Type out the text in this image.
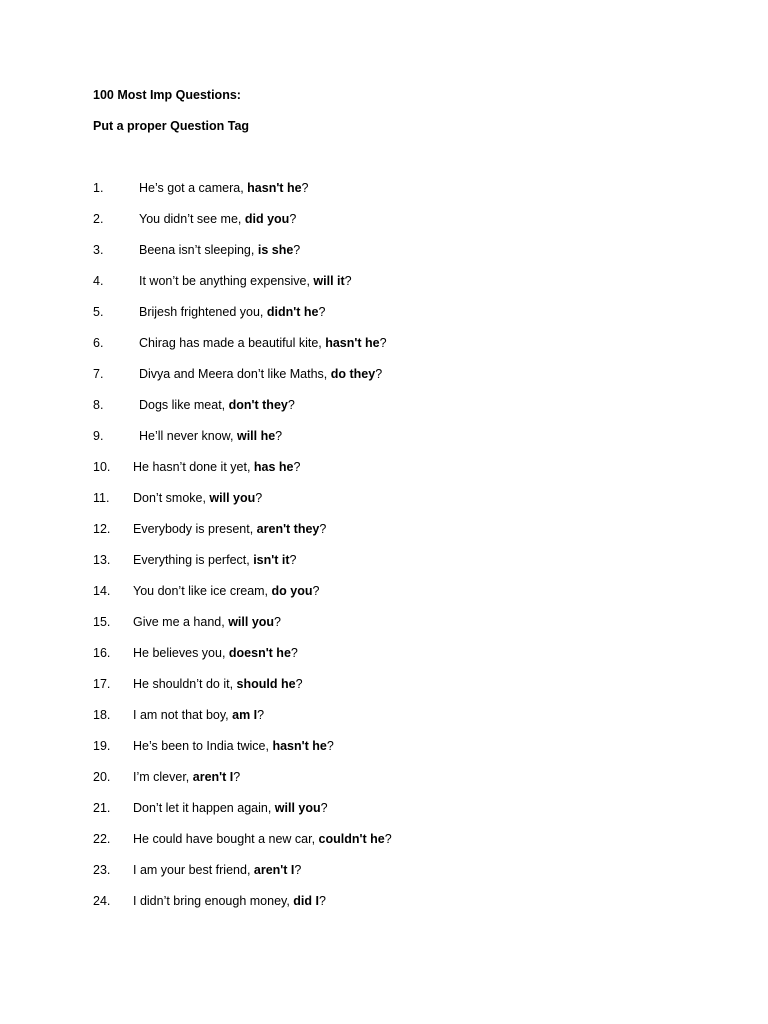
100 Most Imp Questions:
Put a proper Question Tag
1.	He’s got a camera, hasn't he?
2.	You didn’t see me, did you?
3.	Beena isn’t sleeping, is she?
4.	It won’t be anything expensive, will it?
5.	Brijesh frightened you, didn't he?
6.	Chirag has made a beautiful kite, hasn't he?
7.	Divya and Meera don’t like Maths, do they?
8.	Dogs like meat, don't they?
9.	He’ll never know, will he?
10. He hasn’t done it yet, has he?
11. Don’t smoke, will you?
12. Everybody is present, aren't they?
13. Everything is perfect, isn't it?
14. You don’t like ice cream, do you?
15. Give me a hand, will you?
16. He believes you, doesn't he?
17. He shouldn’t do it, should he?
18. I am not that boy, am I?
19. He’s been to India twice, hasn't he?
20. I’m clever, aren't I?
21. Don’t let it happen again, will you?
22. He could have bought a new car, couldn't he?
23. I am your best friend, aren't I?
24. I didn’t bring enough money, did I?
